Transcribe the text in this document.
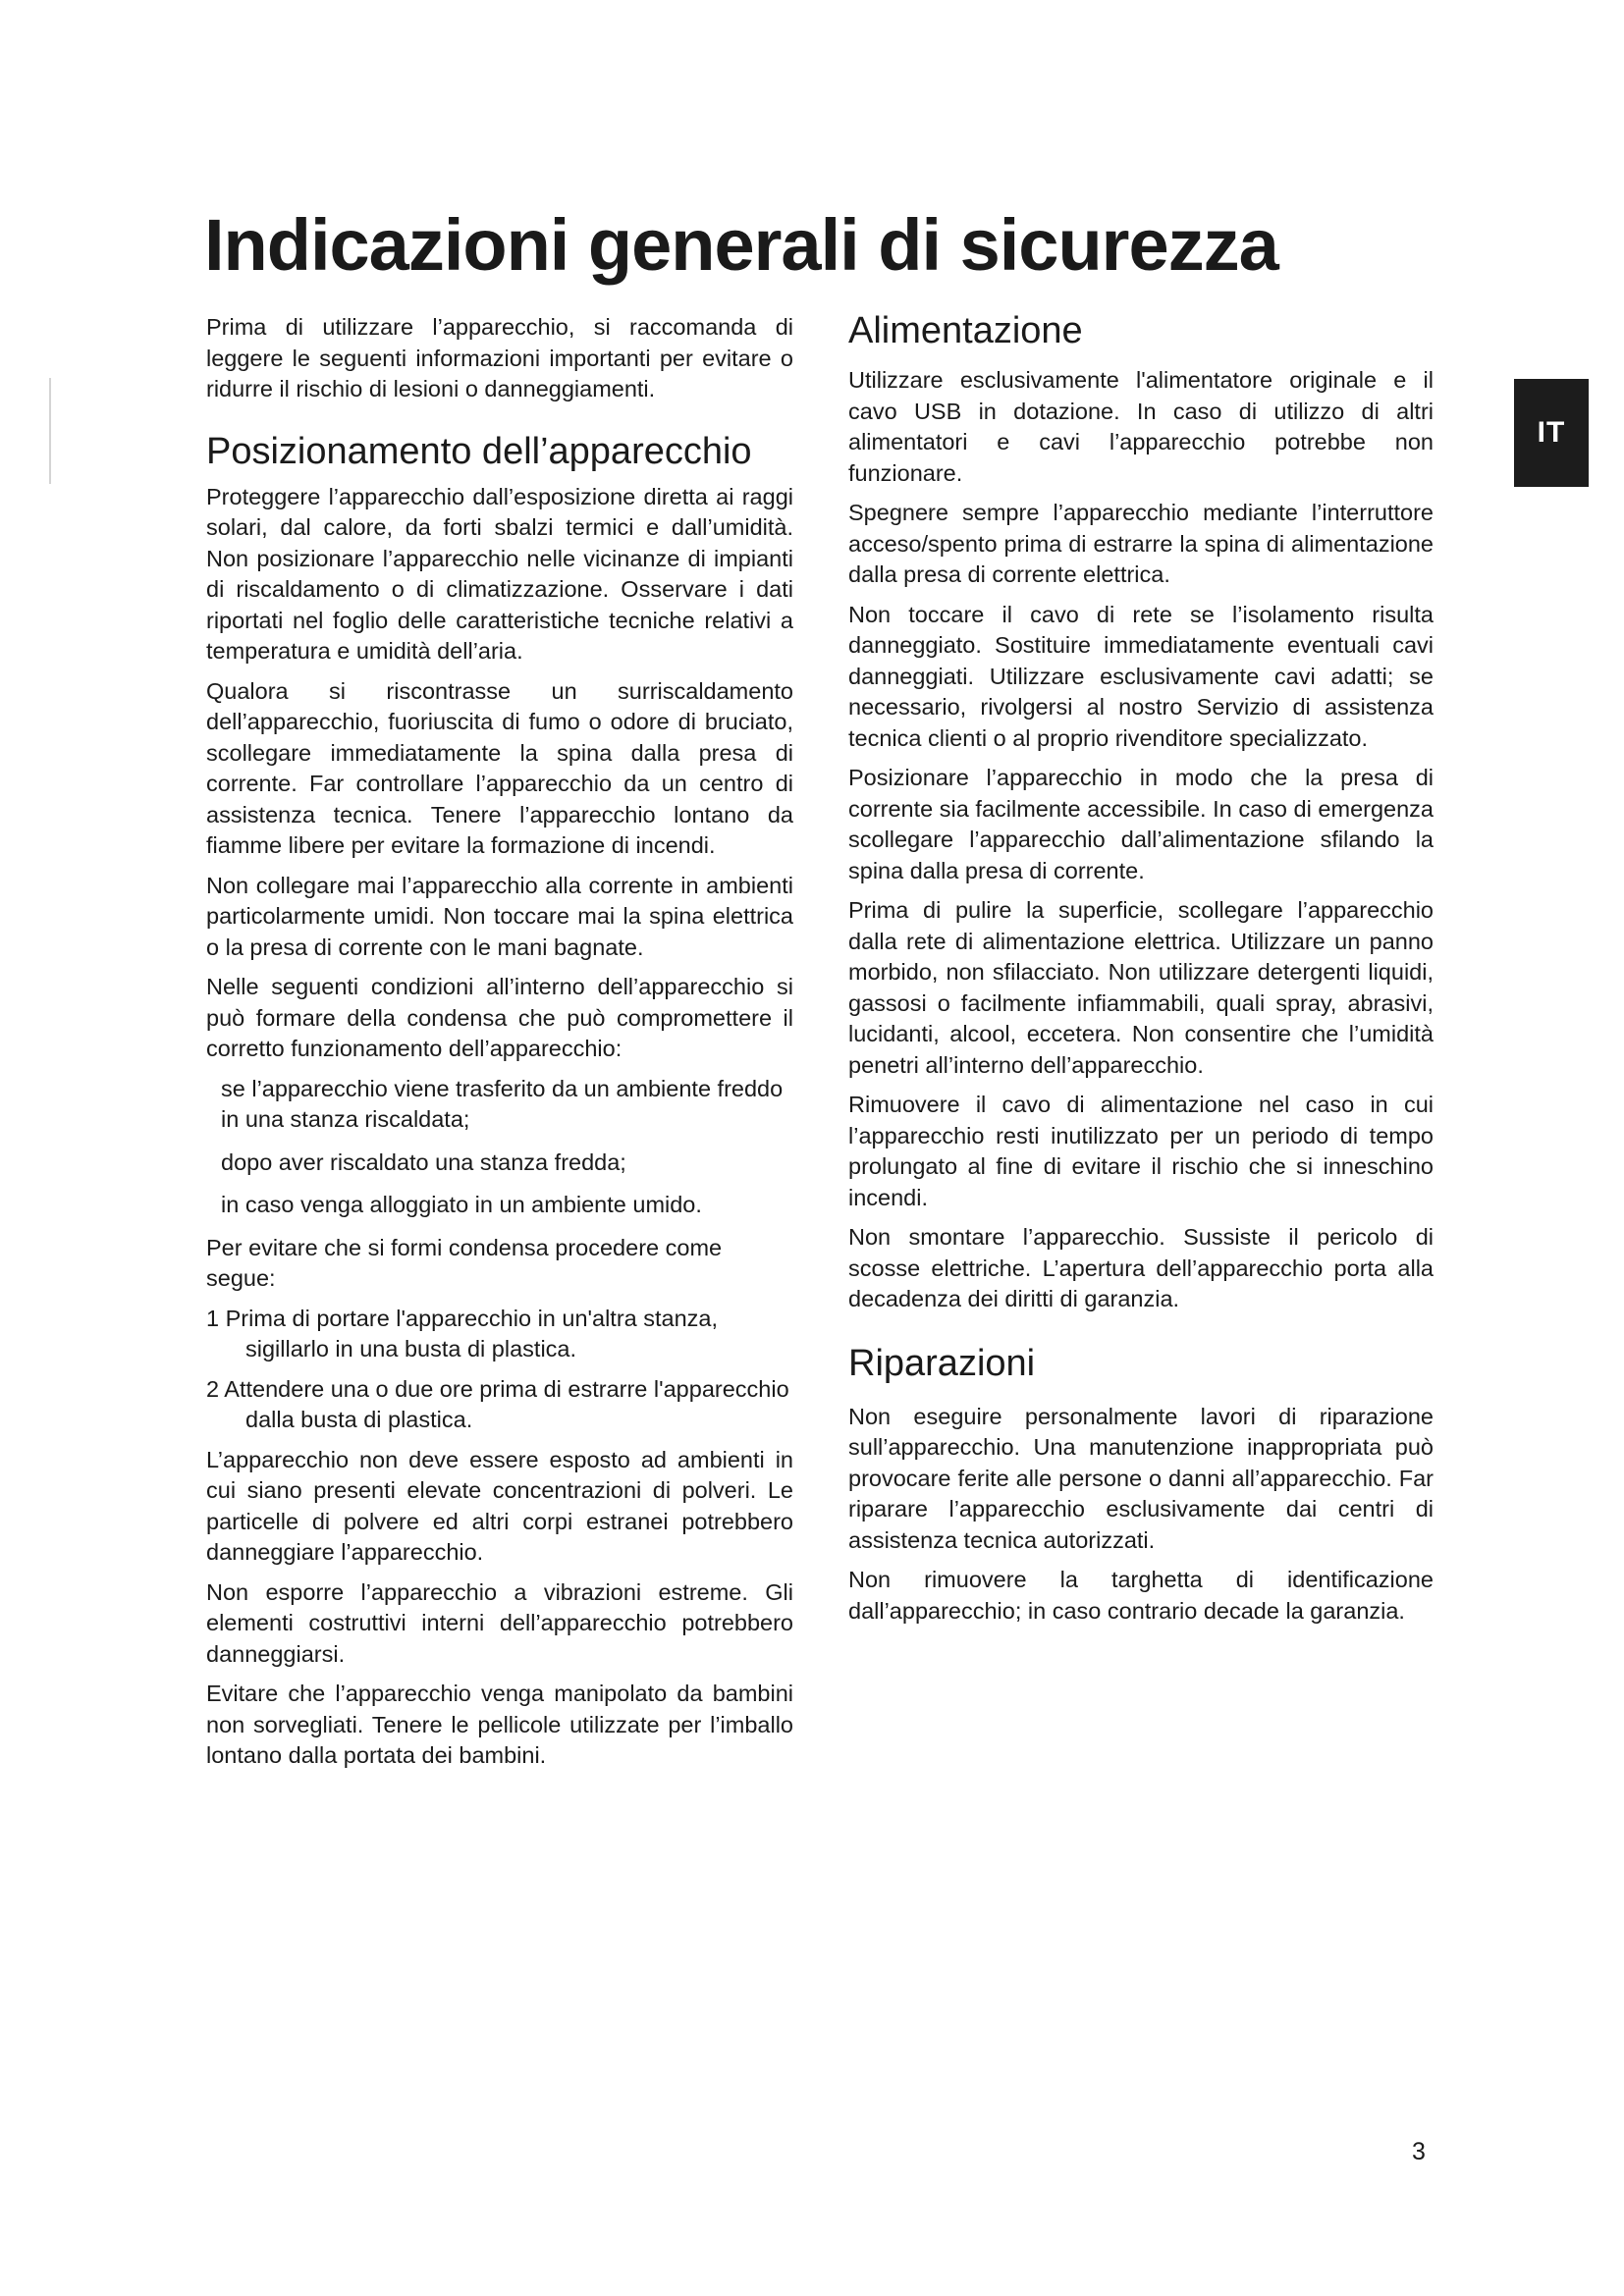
Indicazioni generali di sicurezza
IT

Prima di utilizzare l’apparecchio, si raccomanda di leggere le seguenti informazioni importanti per evitare o ridurre il rischio di lesioni o danneggiamenti.

Posizionamento dell’apparecchio

Proteggere l’apparecchio dall’esposizione diretta ai raggi solari, dal calore, da forti sbalzi termici e dall’umidità. Non posizionare l’apparecchio nelle vicinanze di impianti di riscaldamento o di climatizzazione. Osservare i dati riportati nel foglio delle caratteristiche tecniche relativi a temperatura e umidità dell’aria.

Qualora si riscontrasse un surriscaldamento dell’apparecchio, fuoriuscita di fumo o odore di bruciato, scollegare immediatamente la spina dalla presa di corrente. Far controllare l’apparecchio da un centro di assistenza tecnica. Tenere l’apparecchio lontano da fiamme libere per evitare la formazione di incendi.

Non collegare mai l’apparecchio alla corrente in ambienti particolarmente umidi. Non toccare mai la spina elettrica o la presa di corrente con le mani bagnate.

Nelle seguenti condizioni all’interno dell’apparecchio si può formare della condensa che può compromettere il corretto funzionamento dell’apparecchio:

se l’apparecchio viene trasferito da un ambiente freddo in una stanza riscaldata;

dopo aver riscaldato una stanza fredda;

in caso venga alloggiato in un ambiente umido.

Per evitare che si formi condensa procedere come segue:

1 Prima di portare l'apparecchio in un'altra stanza, sigillarlo in una busta di plastica.

2 Attendere una o due ore prima di estrarre l'apparecchio dalla busta di plastica.

L’apparecchio non deve essere esposto ad ambienti in cui siano presenti elevate concentrazioni di polveri. Le particelle di polvere ed altri corpi estranei potrebbero danneggiare l’apparecchio.

Non esporre l’apparecchio a vibrazioni estreme. Gli elementi costruttivi interni dell’apparecchio potrebbero danneggiarsi.

Evitare che l’apparecchio venga manipolato da bambini non sorvegliati. Tenere le pellicole utilizzate per l’imballo lontano dalla portata dei bambini.

Alimentazione

Utilizzare esclusivamente l'alimentatore originale e il cavo USB in dotazione. In caso di utilizzo di altri alimentatori e cavi l’apparecchio potrebbe non funzionare.

Spegnere sempre l’apparecchio mediante l’interruttore acceso/spento prima di estrarre la spina di alimentazione dalla presa di corrente elettrica.

Non toccare il cavo di rete se l’isolamento risulta danneggiato. Sostituire immediatamente eventuali cavi danneggiati. Utilizzare esclusivamente cavi adatti; se necessario, rivolgersi al nostro Servizio di assistenza tecnica clienti o al proprio rivenditore specializzato.

Posizionare l’apparecchio in modo che la presa di corrente sia facilmente accessibile. In caso di emergenza scollegare l’apparecchio dall’alimentazione sfilando la spina dalla presa di corrente.

Prima di pulire la superficie, scollegare l’apparecchio dalla rete di alimentazione elettrica. Utilizzare un panno morbido, non sfilacciato. Non utilizzare detergenti liquidi, gassosi o facilmente infiammabili, quali spray, abrasivi, lucidanti, alcool, eccetera. Non consentire che l’umidità penetri all’interno dell’apparecchio.

Rimuovere il cavo di alimentazione nel caso in cui l’apparecchio resti inutilizzato per un periodo di tempo prolungato al fine di evitare il rischio che si inneschino incendi.

Non smontare l’apparecchio. Sussiste il pericolo di scosse elettriche. L’apertura dell’apparecchio porta alla decadenza dei diritti di garanzia.

Riparazioni

Non eseguire personalmente lavori di riparazione sull’apparecchio. Una manutenzione inappropriata può provocare ferite alle persone o danni all’apparecchio. Far riparare l’apparecchio esclusivamente dai centri di assistenza tecnica autorizzati.

Non rimuovere la targhetta di identificazione dall’apparecchio; in caso contrario decade la garanzia.

3
